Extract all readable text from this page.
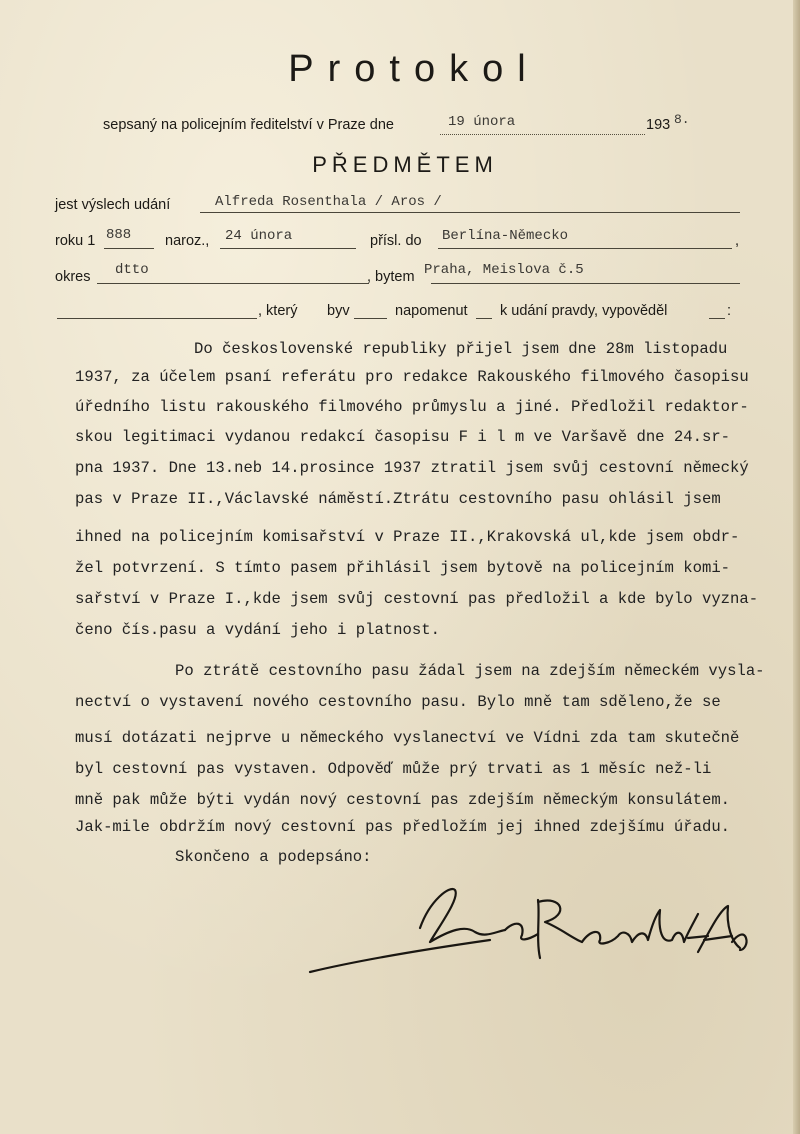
Protokol
sepsaný na policejním ředitelství v Praze dne	19 února	193 8.
PŘEDMĚTEM
jest výslech udání	Alfreda Rosenthala / Aros /
roku 1 888 naroz., 24 února	přísl. do Berlína-Německo	,
okres dtto	, bytem Praha, Meislova č.5
, který byv	napomenut k udání pravdy, vypověděl	:
Do československé republiky přijel jsem dne 28m listopadu
1937, za účelem psaní referátu pro redakce Rakouského filmového časopisu
úředního listu rakouského filmového průmyslu a jiné. Předložil redaktor-
skou legitimaci vydanou redakcí časopisu F i l m ve Varšavě dne 24.sr-
pna 1937. Dne 13.neb 14.prosince 1937 ztratil jsem svůj cestovní německý
pas v Praze II.,Václavské náměstí.Ztrátu cestovního pasu ohlásil jsem
ihned na policejním komisařství v Praze II.,Krakovská ul,kde jsem obdr-
žel potvrzení. S tímto pasem přihlásil jsem bytově na policejním komi-
sařství v Praze I.,kde jsem svůj cestovní pas předložil a kde bylo vyzna-
čeno čís.pasu a vydání jeho i platnost.
Po ztrátě cestovního pasu žádal jsem na zdejším německém vysla-
nectví o vystavení nového cestovního pasu. Bylo mně tam sděleno,že se
musí dotázati nejprve u německého vyslanectví ve Vídni zda tam skutečně
byl cestovní pas vystaven. Odpověď může prý trvati as 1 měsíc než-li
mně pak může býti vydán nový cestovní pas zdejším německým konsulátem.
Jak-mile obdržím nový cestovní pas předložím jej ihned zdejšímu úřadu.
Skončeno a podepsáno:
